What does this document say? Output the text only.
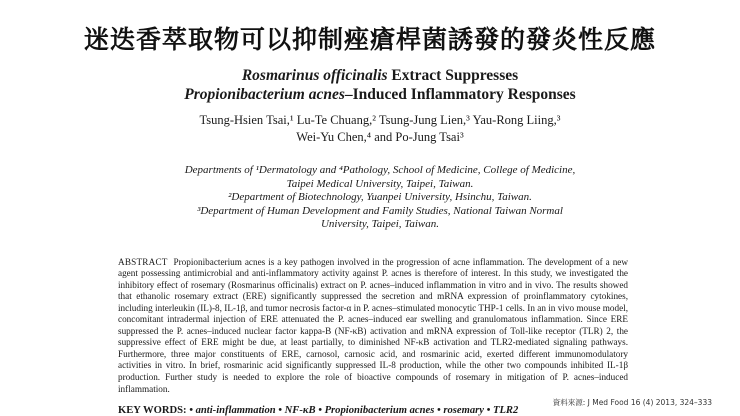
迷迭香萃取物可以抑制痤瘡桿菌誘發的發炎性反應

Rosmarinus officinalis Extract Suppresses
Propionibacterium acnes–Induced Inflammatory Responses

Tsung-Hsien Tsai,¹ Lu-Te Chuang,² Tsung-Jung Lien,³ Yau-Rong Liing,³
Wei-Yu Chen,⁴ and Po-Jung Tsai³
Departments of ¹Dermatology and ⁴Pathology, School of Medicine, College of Medicine,
Taipei Medical University, Taipei, Taiwan.
²Department of Biotechnology, Yuanpei University, Hsinchu, Taiwan.
³Department of Human Development and Family Studies, National Taiwan Normal
University, Taipei, Taiwan.
ABSTRACT Propionibacterium acnes is a key pathogen involved in the progression of acne inflammation. The development of a new agent possessing antimicrobial and anti-inflammatory activity against P. acnes is therefore of interest. In this study, we investigated the inhibitory effect of rosemary (Rosmarinus officinalis) extract on P. acnes–induced inflammation in vitro and in vivo. The results showed that ethanolic rosemary extract (ERE) significantly suppressed the secretion and mRNA expression of proinflammatory cytokines, including interleukin (IL)-8, IL-1β, and tumor necrosis factor-α in P. acnes–stimulated monocytic THP-1 cells. In an in vivo mouse model, concomitant intradermal injection of ERE attenuated the P. acnes–induced ear swelling and granulomatous inflammation. Since ERE suppressed the P. acnes–induced nuclear factor kappa-B (NF-κB) activation and mRNA expression of Toll-like receptor (TLR) 2, the suppressive effect of ERE might be due, at least partially, to diminished NF-κB activation and TLR2-mediated signaling pathways. Furthermore, three major constituents of ERE, carnosol, carnosic acid, and rosmarinic acid, exerted different immunomodulatory activities in vitro. In brief, rosmarinic acid significantly suppressed IL-8 production, while the other two compounds inhibited IL-1β production. Further study is needed to explore the role of bioactive compounds of rosemary in mitigation of P. acnes–induced inflammation.
KEY WORDS: • anti-inflammation • NF-κB • Propionibacterium acnes • rosemary • TLR2
資料來源: J Med Food 16 (4) 2013, 324–333
